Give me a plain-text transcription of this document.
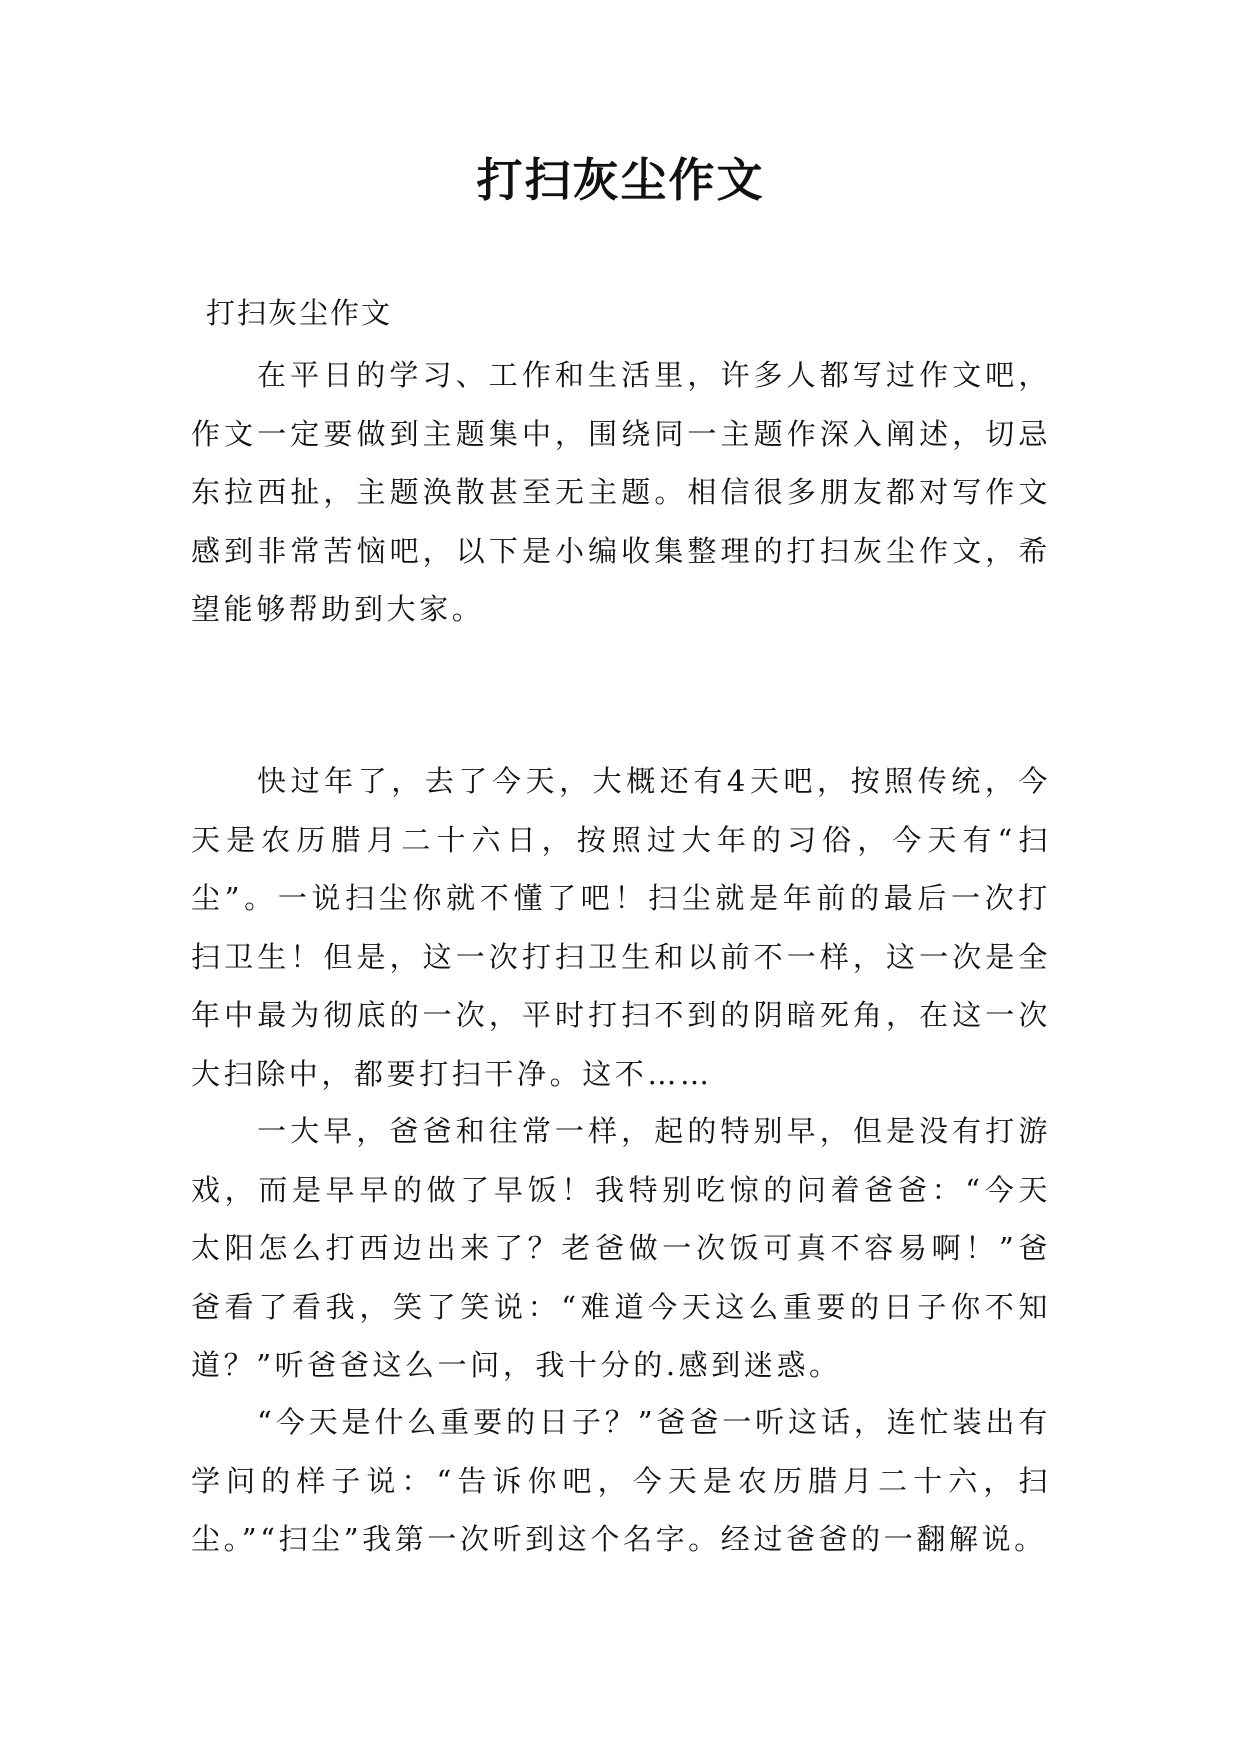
打扫灰尘作文

打扫灰尘作文

在平日的学习、工作和生活里，许多人都写过作文吧，作文一定要做到主题集中，围绕同一主题作深入阐述，切忌东拉西扯，主题涣散甚至无主题。相信很多朋友都对写作文感到非常苦恼吧，以下是小编收集整理的打扫灰尘作文，希望能够帮助到大家。

快过年了，去了今天，大概还有4天吧，按照传统，今天是农历腊月二十六日，按照过大年的习俗，今天有“扫尘”。一说扫尘你就不懂了吧！扫尘就是年前的最后一次打扫卫生！但是，这一次打扫卫生和以前不一样，这一次是全年中最为彻底的一次，平时打扫不到的阴暗死角，在这一次大扫除中，都要打扫干净。这不……

一大早，爸爸和往常一样，起的特别早，但是没有打游戏，而是早早的做了早饭！我特别吃惊的问着爸爸：“今天太阳怎么打西边出来了？老爸做一次饭可真不容易啊！”爸爸看了看我，笑了笑说：“难道今天这么重要的日子你不知道？”听爸爸这么一问，我十分的.感到迷惑。

“今天是什么重要的日子？”爸爸一听这话，连忙装出有学问的样子说：“告诉你吧，今天是农历腊月二十六，扫尘。”“扫尘”我第一次听到这个名字。经过爸爸的一翻解说。
